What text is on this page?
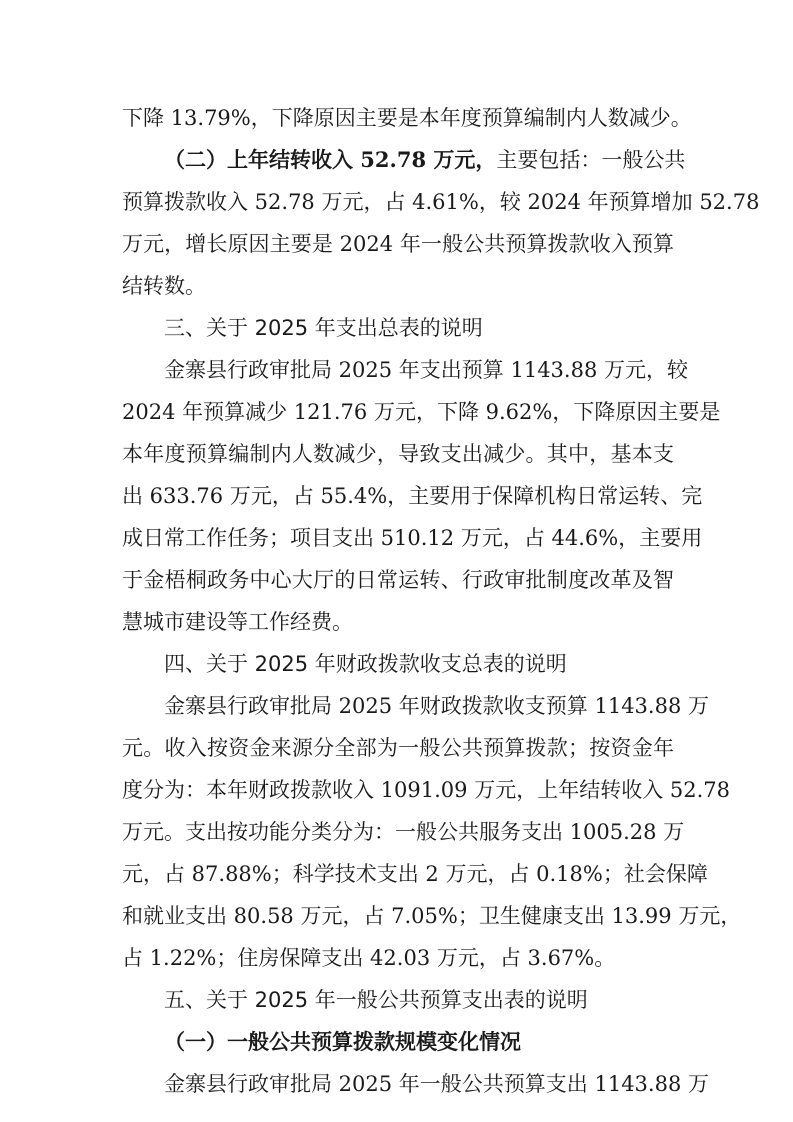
下降 13.79%，下降原因主要是本年度预算编制内人数减少。
（二）上年结转收入 52.78 万元，主要包括：一般公共
预算拨款收入 52.78 万元，占 4.61%，较 2024 年预算增加 52.78
万元，增长原因主要是 2024 年一般公共预算拨款收入预算
结转数。
三、关于 2025 年支出总表的说明
金寨县行政审批局 2025 年支出预算 1143.88 万元，较
2024 年预算减少 121.76 万元，下降 9.62%，下降原因主要是
本年度预算编制内人数减少，导致支出减少。其中，基本支
出 633.76 万元，占 55.4%，主要用于保障机构日常运转、完
成日常工作任务；项目支出 510.12 万元，占 44.6%，主要用
于金梧桐政务中心大厅的日常运转、行政审批制度改革及智
慧城市建设等工作经费。
四、关于 2025 年财政拨款收支总表的说明
金寨县行政审批局 2025 年财政拨款收支预算 1143.88 万
元。收入按资金来源分全部为一般公共预算拨款；按资金年
度分为：本年财政拨款收入 1091.09 万元，上年结转收入 52.78
万元。支出按功能分类分为：一般公共服务支出 1005.28 万
元，占 87.88%；科学技术支出 2 万元，占 0.18%；社会保障
和就业支出 80.58 万元，占 7.05%；卫生健康支出 13.99 万元，
占 1.22%；住房保障支出 42.03 万元，占 3.67%。
五、关于 2025 年一般公共预算支出表的说明
（一）一般公共预算拨款规模变化情况
金寨县行政审批局 2025 年一般公共预算支出 1143.88 万
